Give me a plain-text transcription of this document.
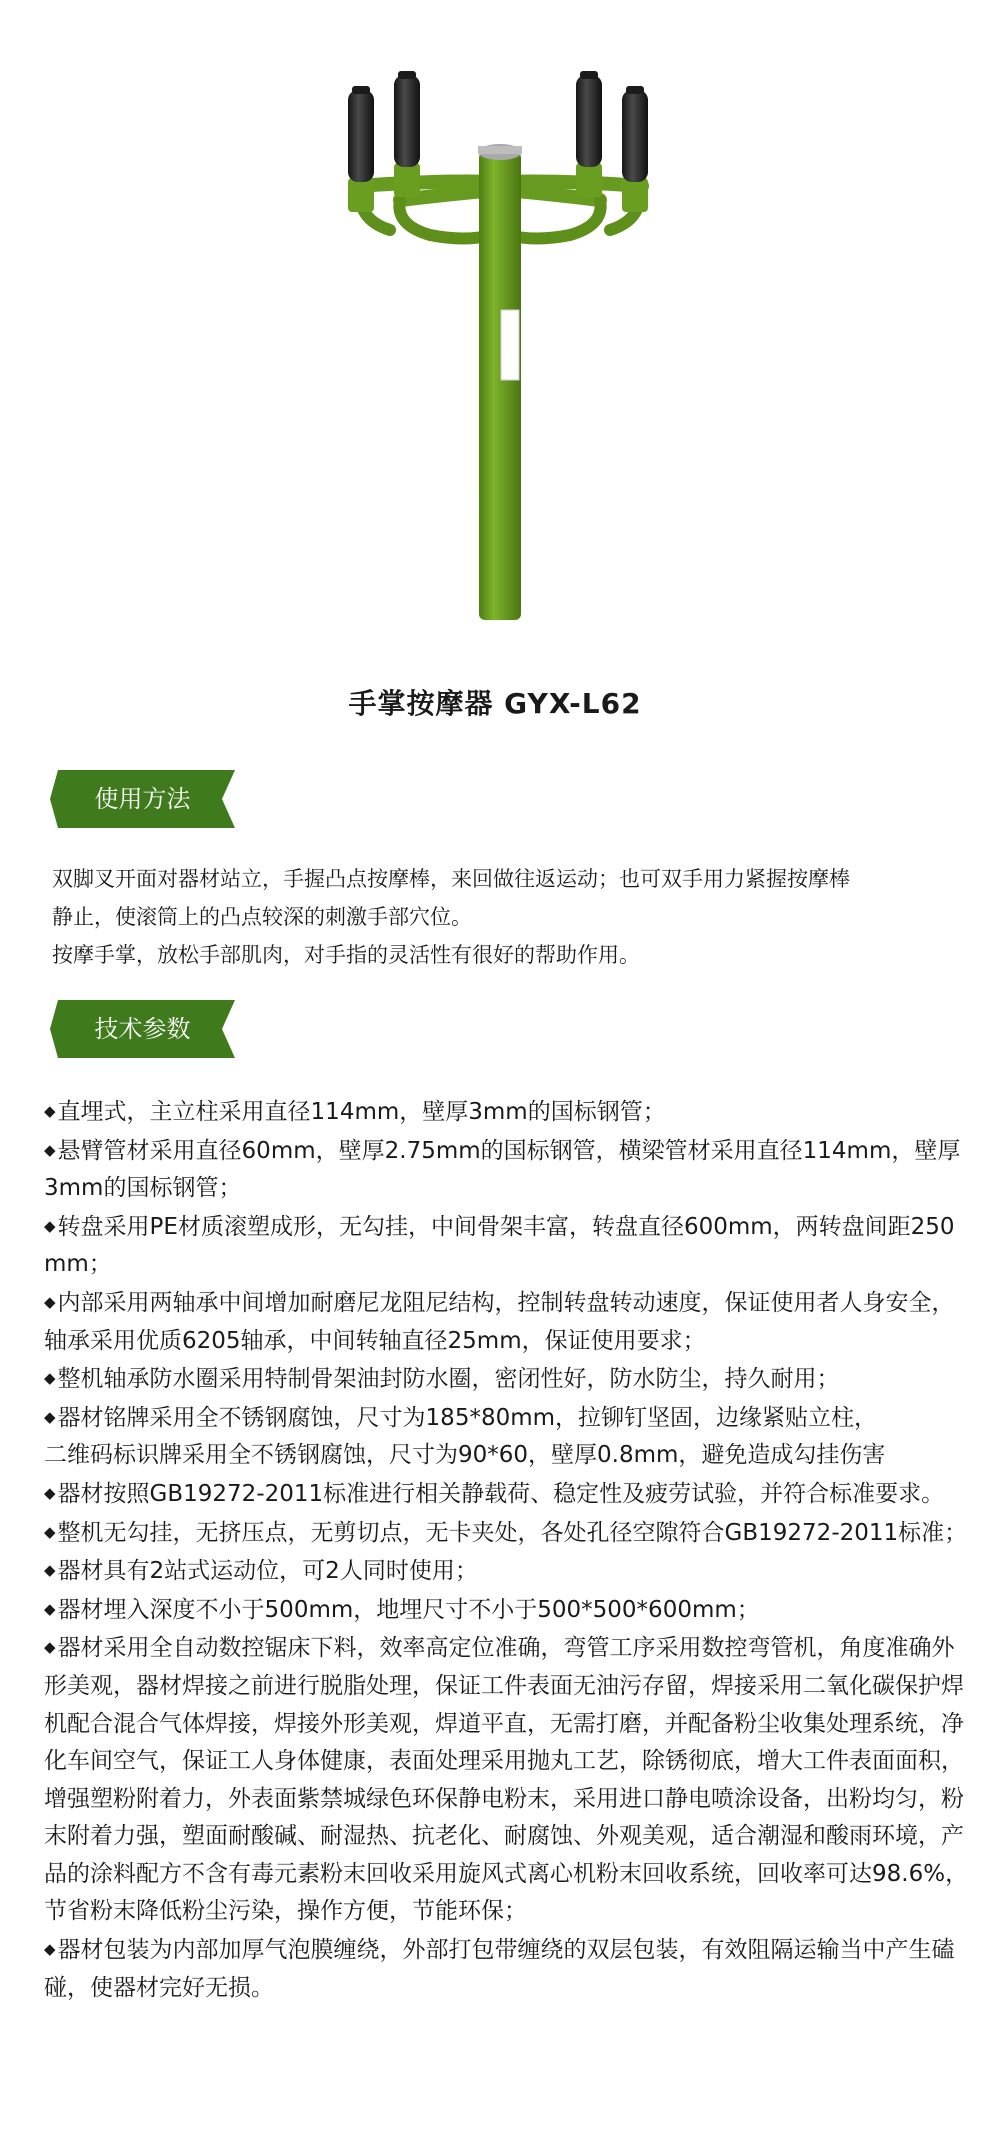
手掌按摩器 GYX-L62
使用方法

双脚叉开面对器材站立，手握凸点按摩棒，来回做往返运动；也可双手用力紧握按摩棒

静止，使滚筒上的凸点较深的刺激手部穴位。

按摩手掌，放松手部肌肉，对手指的灵活性有很好的帮助作用。

技术参数
◆直埋式，主立柱采用直径114mm，壁厚3mm的国标钢管；
◆悬臂管材采用直径60mm，壁厚2.75mm的国标钢管，横梁管材采用直径114mm，壁厚3mm的国标钢管；
◆转盘采用PE材质滚塑成形，无勾挂，中间骨架丰富，转盘直径600mm，两转盘间距250mm；
◆内部采用两轴承中间增加耐磨尼龙阻尼结构，控制转盘转动速度，保证使用者人身安全，轴承采用优质6205轴承，中间转轴直径25mm，保证使用要求；
◆整机轴承防水圈采用特制骨架油封防水圈，密闭性好，防水防尘，持久耐用；
◆器材铭牌采用全不锈钢腐蚀，尺寸为185*80mm，拉铆钉坚固，边缘紧贴立柱，
二维码标识牌采用全不锈钢腐蚀，尺寸为90*60，壁厚0.8mm，避免造成勾挂伤害
◆器材按照GB19272-2011标准进行相关静载荷、稳定性及疲劳试验，并符合标准要求。
◆整机无勾挂，无挤压点，无剪切点，无卡夹处，各处孔径空隙符合GB19272-2011标准；
◆器材具有2站式运动位，可2人同时使用；
◆器材埋入深度不小于500mm，地埋尺寸不小于500*500*600mm；
◆器材采用全自动数控锯床下料，效率高定位准确，弯管工序采用数控弯管机，角度准确外形美观，器材焊接之前进行脱脂处理，保证工件表面无油污存留，焊接采用二氧化碳保护焊机配合混合气体焊接，焊接外形美观，焊道平直，无需打磨，并配备粉尘收集处理系统，净化车间空气，保证工人身体健康，表面处理采用抛丸工艺，除锈彻底，增大工件表面面积，增强塑粉附着力，外表面紫禁城绿色环保静电粉末，采用进口静电喷涂设备，出粉均匀，粉末附着力强，塑面耐酸碱、耐湿热、抗老化、耐腐蚀、外观美观，适合潮湿和酸雨环境，产品的涂料配方不含有毒元素粉末回收采用旋风式离心机粉末回收系统，回收率可达98.6%，节省粉末降低粉尘污染，操作方便，节能环保；
◆器材包装为内部加厚气泡膜缠绕，外部打包带缠绕的双层包装，有效阻隔运输当中产生磕碰，使器材完好无损。
